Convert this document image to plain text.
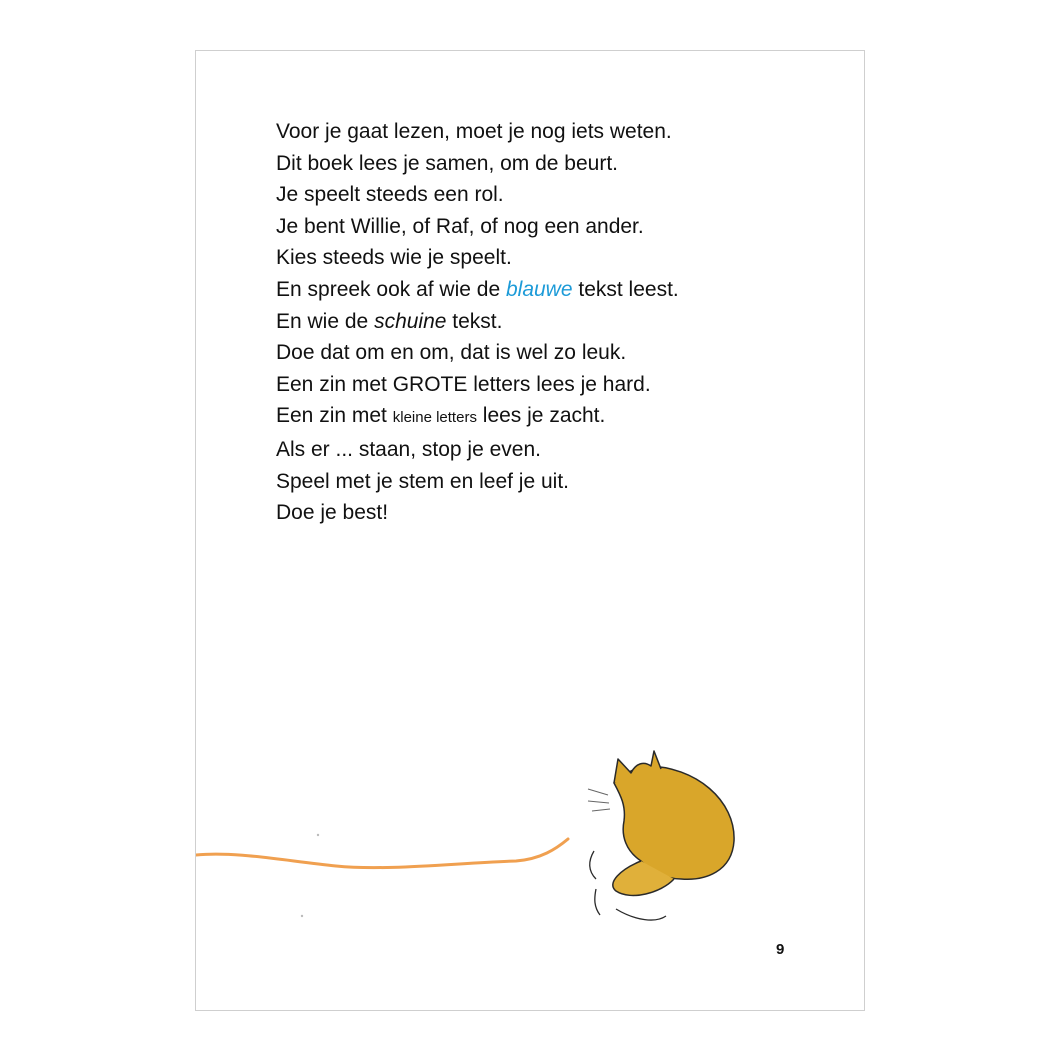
Voor je gaat lezen, moet je nog iets weten.

Dit boek lees je samen, om de beurt.

Je speelt steeds een rol.

Je bent Willie, of Raf, of nog een ander.

Kies steeds wie je speelt.

En spreek ook af wie de blauwe tekst leest.

En wie de schuine tekst.

Doe dat om en om, dat is wel zo leuk.

Een zin met GROTE letters lees je hard.

Een zin met kleine letters lees je zacht.

Als er ... staan, stop je even.

Speel met je stem en leef je uit.

Doe je best!

9
